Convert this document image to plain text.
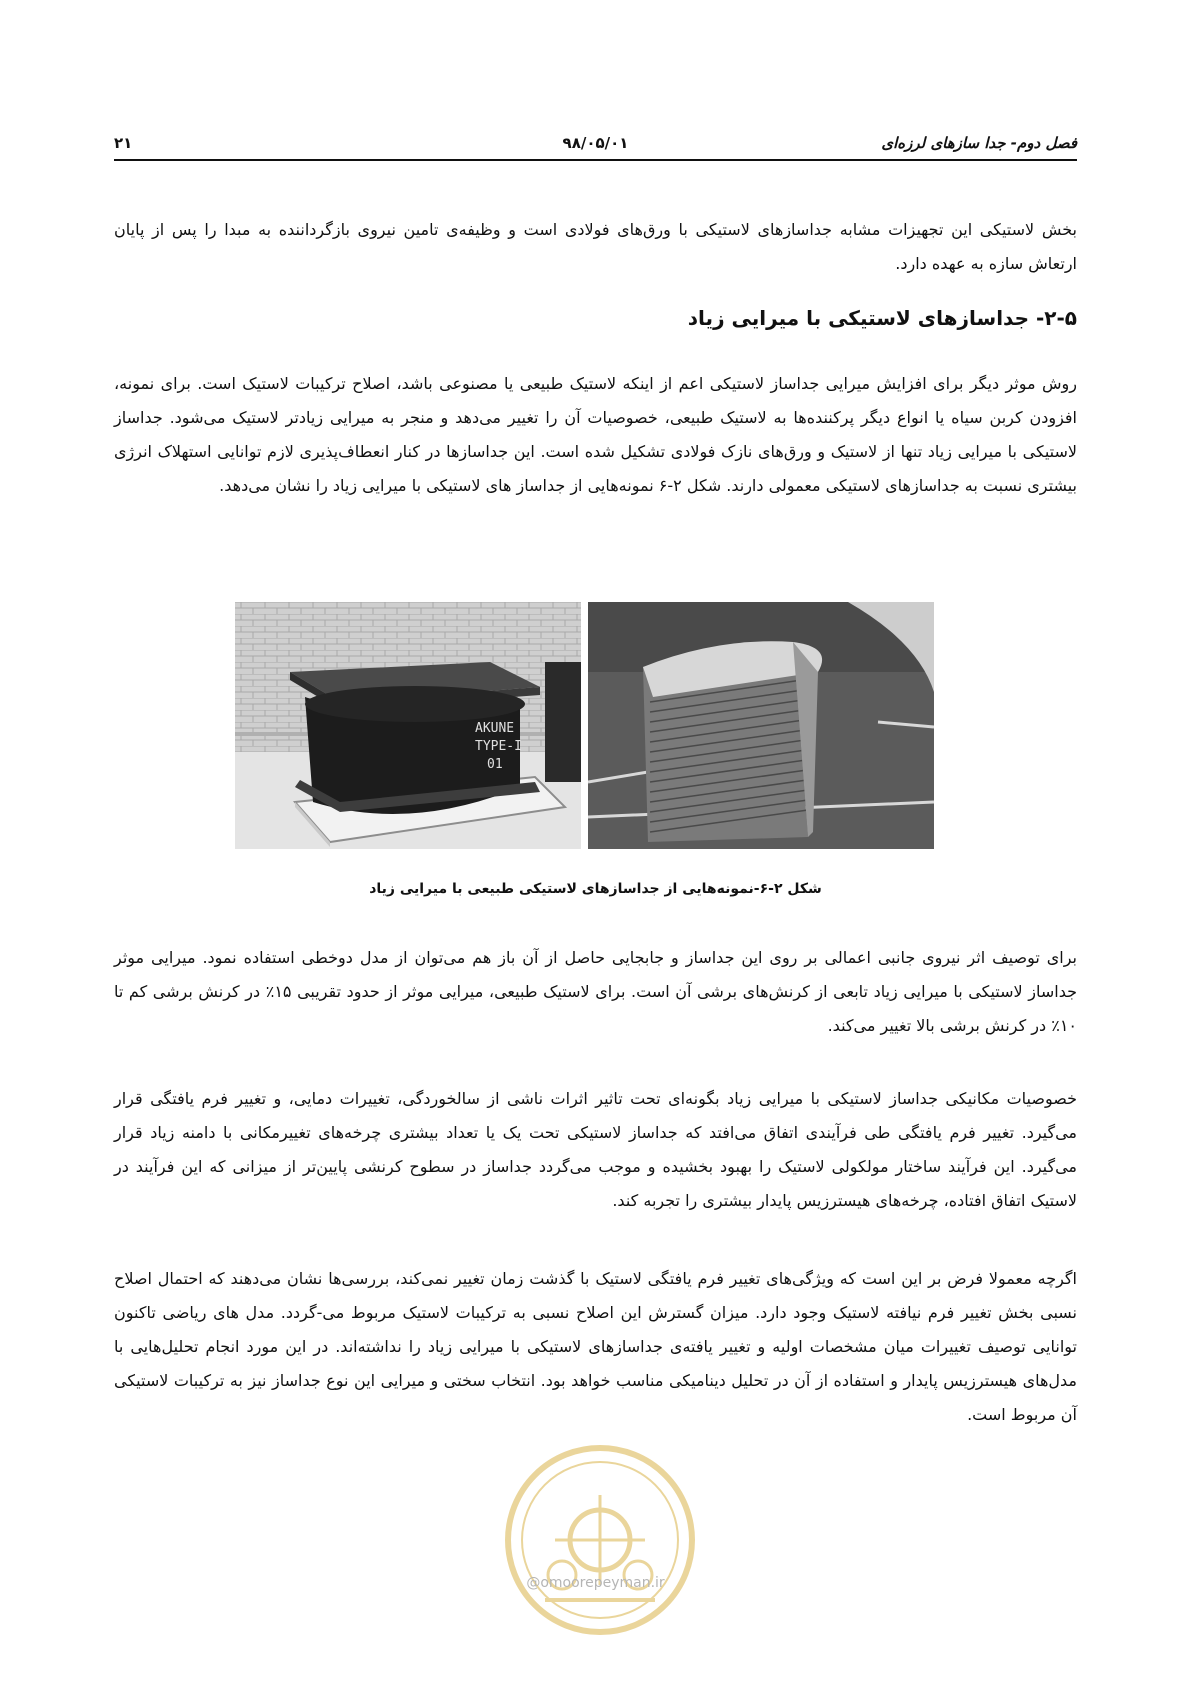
فصل دوم- جدا سازهای لرزه‌ای
۹۸/۰۵/۰۱
۲۱

بخش لاستیکی این تجهیزات مشابه جداسازهای لاستیکی با ورق‌های فولادی است و وظیفه‌ی تامین نیروی بازگرداننده به مبدا را پس از پایان ارتعاش سازه به عهده دارد.

۲-۵- جداسازهای لاستیکی با میرایی زیاد

روش موثر دیگر برای افزایش میرایی جداساز لاستیکی اعم از اینکه لاستیک طبیعی یا مصنوعی باشد، اصلاح ترکیبات لاستیک است. برای نمونه، افزودن کربن سیاه یا انواع دیگر پرکننده‌ها به لاستیک طبیعی، خصوصیات آن را تغییر می‌دهد و منجر به میرایی زیادتر لاستیک می‌شود. جداساز لاستیکی با میرایی زیاد تنها از لاستیک و ورق‌های نازک فولادی تشکیل شده است. این جداسازها در کنار انعطاف‌پذیری لازم توانایی استهلاک انرژی بیشتری نسبت به جداسازهای لاستیکی معمولی دارند. شکل ۲-۶ نمونه‌هایی از جداساز های لاستیکی با میرایی زیاد را نشان می‌دهد.

AKUNE
TYPE-I
01
شکل ۲-۶-نمونه‌هایی از جداسازهای لاستیکی طبیعی با میرایی زیاد

برای توصیف اثر نیروی جانبی اعمالی بر روی این جداساز و جابجایی حاصل از آن باز هم می‌توان از مدل دوخطی استفاده نمود. میرایی موثر جداساز لاستیکی با میرایی زیاد تابعی از کرنش‌های برشی آن است. برای لاستیک طبیعی، میرایی موثر از حدود تقریبی ۱۵٪ در کرنش برشی کم تا ۱۰٪ در کرنش برشی بالا تغییر می‌کند.

خصوصیات مکانیکی جداساز لاستیکی با میرایی زیاد بگونه‌ای تحت تاثیر اثرات ناشی از سالخوردگی، تغییرات دمایی، و تغییر فرم یافتگی قرار می‌گیرد. تغییر فرم یافتگی طی فرآیندی اتفاق می‌افتد که جداساز لاستیکی تحت یک یا تعداد بیشتری چرخه‌های تغییرمکانی با دامنه زیاد قرار می‌گیرد. این فرآیند ساختار مولکولی لاستیک را بهبود بخشیده و موجب می‌گردد جداساز در سطوح کرنشی پایین‌تر از میزانی که این فرآیند در لاستیک اتفاق افتاده، چرخه‌های هیسترزیس پایدار بیشتری را تجربه کند.

اگرچه معمولا فرض بر این است که ویژگی‌های تغییر فرم یافتگی لاستیک با گذشت زمان تغییر نمی‌کند، بررسی‌ها نشان می‌دهند که احتمال اصلاح نسبی بخش تغییر فرم نیافته لاستیک وجود دارد. میزان گسترش این اصلاح نسبی به ترکیبات لاستیک مربوط می-گردد. مدل های ریاضی تاکنون توانایی توصیف تغییرات میان مشخصات اولیه و تغییر یافته‌ی جداسازهای لاستیکی با میرایی زیاد را نداشته‌اند. در این مورد انجام تحلیل‌هایی با مدل‌های هیسترزیس پایدار و استفاده از آن در تحلیل دینامیکی مناسب خواهد بود. انتخاب سختی و میرایی این نوع جداساز نیز به ترکیبات لاستیکی آن مربوط است.

@omoorepeyman.ir
